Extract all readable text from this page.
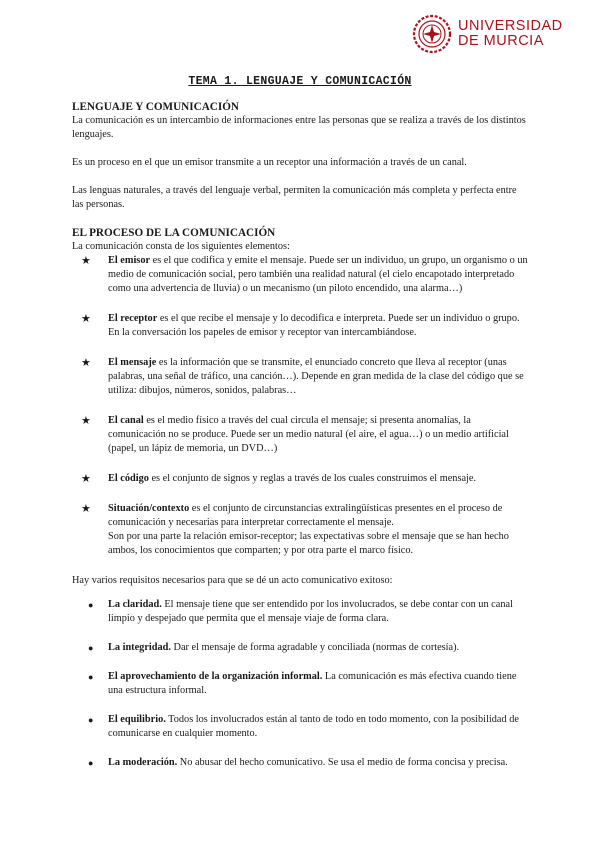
UNIVERSIDAD
DE MURCIA
TEMA 1. LENGUAJE Y COMUNICACIÓN
LENGUAJE Y COMUNICACIÓN

La comunicación es un intercambio de informaciones entre las personas que se realiza a través de los distintos lenguajes.

Es un proceso en el que un emisor transmite a un receptor una información a través de un canal.

Las lenguas naturales, a través del lenguaje verbal, permiten la comunicación más completa y perfecta entre las personas.

EL PROCESO DE LA COMUNICACIÓN

La comunicación consta de los siguientes elementos:

★ El emisor es el que codifica y emite el mensaje. Puede ser un individuo, un grupo, un organismo o un medio de comunicación social, pero también una realidad natural (el cielo encapotado interpretado como una advertencia de lluvia) o un mecanismo (un piloto encendido, una alarma…)
★ El receptor es el que recibe el mensaje y lo decodifica e interpreta. Puede ser un individuo o grupo. En la conversación los papeles de emisor y receptor van intercambiándose.
★ El mensaje es la información que se transmite, el enunciado concreto que lleva al receptor (unas palabras, una señal de tráfico, una canción…). Depende en gran medida de la clase del código que se utiliza: dibujos, números, sonidos, palabras…
★ El canal es el medio físico a través del cual circula el mensaje; si presenta anomalías, la comunicación no se produce. Puede ser un medio natural (el aire, el agua…) o un medio artificial (papel, un lápiz de memoria, un DVD…)
★ El código es el conjunto de signos y reglas a través de los cuales construimos el mensaje.
★ Situación/contexto es el conjunto de circunstancias extralingüísticas presentes en el proceso de comunicación y necesarias para interpretar correctamente el mensaje.
Son por una parte la relación emisor-receptor; las expectativas sobre el mensaje que se han hecho ambos, los conocimientos que comparten; y por otra parte el marco físico.

Hay varios requisitos necesarios para que se dé un acto comunicativo exitoso:

● La claridad. El mensaje tiene que ser entendido por los involucrados, se debe contar con un canal limpio y despejado que permita que el mensaje viaje de forma clara.
● La integridad. Dar el mensaje de forma agradable y conciliada (normas de cortesía).
● El aprovechamiento de la organización informal. La comunicación es más efectiva cuando tiene una estructura informal.
● El equilibrio. Todos los involucrados están al tanto de todo en todo momento, con la posibilidad de comunicarse en cualquier momento.
● La moderación. No abusar del hecho comunicativo. Se usa el medio de forma concisa y precisa.
